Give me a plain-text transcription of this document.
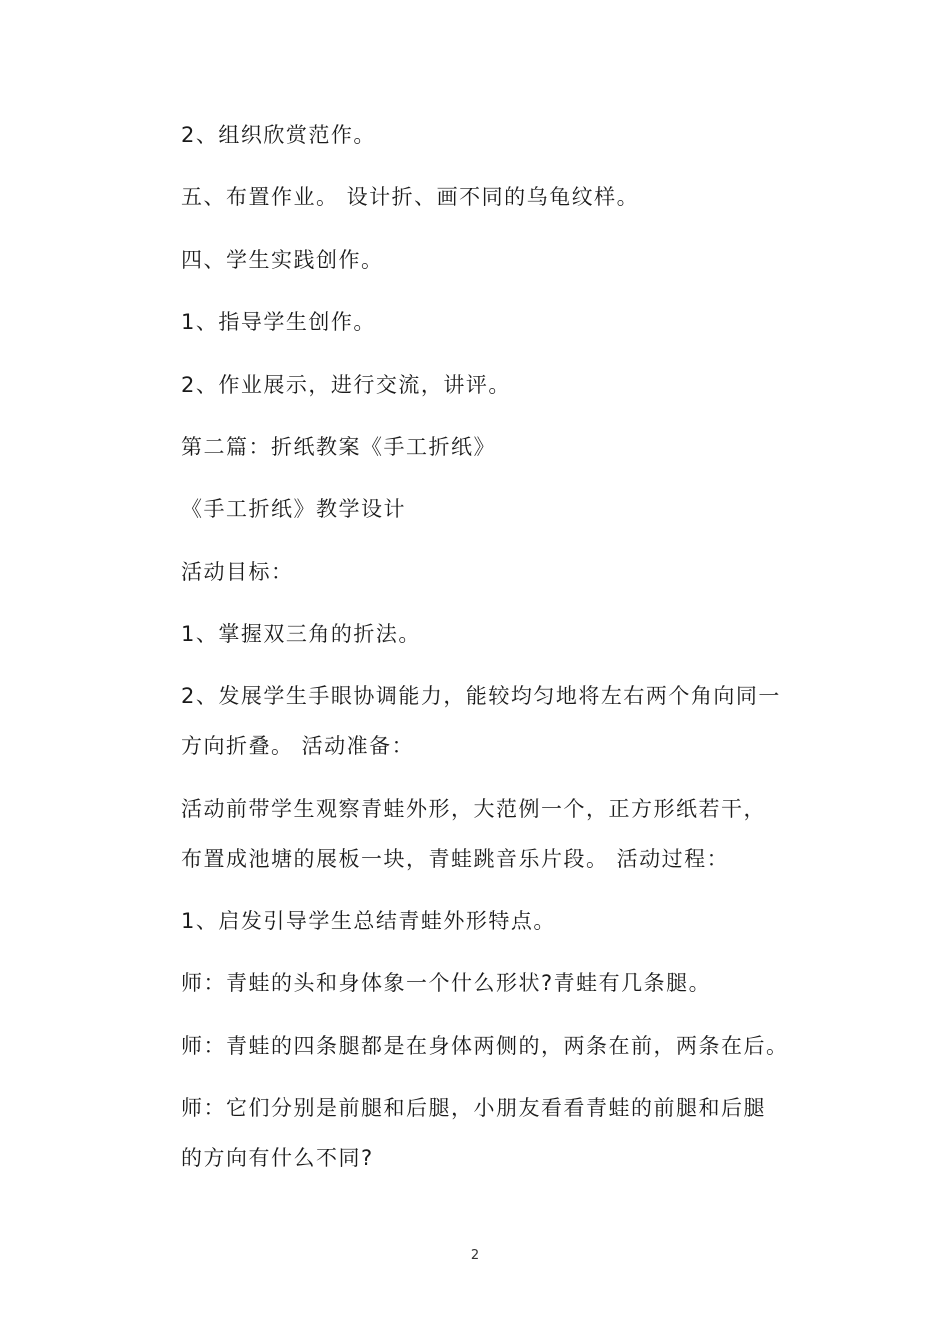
2、组织欣赏范作。
五、布置作业。 设计折、画不同的乌龟纹样。
四、学生实践创作。
1、指导学生创作。
2、作业展示，进行交流，讲评。
第二篇：折纸教案《手工折纸》
《手工折纸》教学设计
活动目标：
1、掌握双三角的折法。
2、发展学生手眼协调能力，能较均匀地将左右两个角向同一
方向折叠。 活动准备：
活动前带学生观察青蛙外形，大范例一个，正方形纸若干，
布置成池塘的展板一块，青蛙跳音乐片段。 活动过程：
1、启发引导学生总结青蛙外形特点。
师：青蛙的头和身体象一个什么形状?青蛙有几条腿。
师：青蛙的四条腿都是在身体两侧的，两条在前，两条在后。
师：它们分别是前腿和后腿，小朋友看看青蛙的前腿和后腿
的方向有什么不同?
2
